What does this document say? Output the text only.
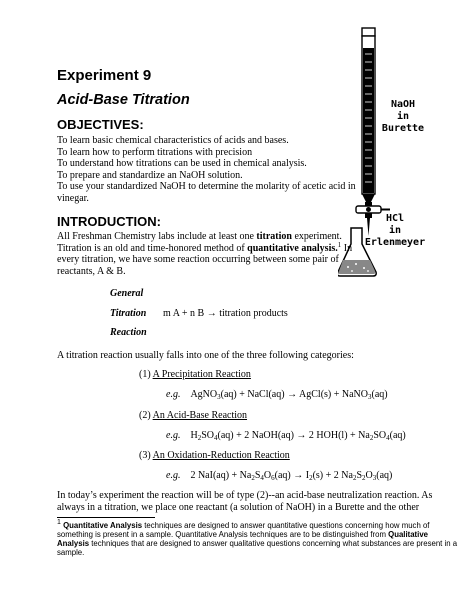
Experiment 9
Acid-Base Titration
OBJECTIVES:
To learn basic chemical characteristics of acids and bases.
To learn how to perform titrations with precision
To understand how titrations can be used in chemical analysis.
To prepare and standardize an NaOH solution.
To use your standardized NaOH to determine the molarity of acetic acid in
vinegar.
NaOH
in
Burette
HCl
in
Erlenmeyer
INTRODUCTION:
All Freshman Chemistry labs include at least one titration experiment.
Titration is an old and time-honored method of quantitative analysis.$^1$ In
every titration, we have some reaction occurring between some pair of
reactants, A & B.
General
Titration m A + n B → titration products
Reaction
A titration reaction usually falls into one of the three following categories:
(1) A Precipitation Reaction
e.g.    AgNO$_3$(aq) + NaCl(aq) → AgCl(s) + NaNO$_3$(aq)
(2) An Acid-Base Reaction
e.g.    $H_2SO_4(aq) + 2$ NaOH(aq) → 2 $HOH(l) + Na_2SO_4(aq)$
(3) An Oxidation-Reduction Reaction
e.g.    2 $NaI(aq) + Na_2S_4O_6(aq) \to I_2(s) + 2$ $Na_2S_2O_3(aq)$
In today’s experiment the reaction will be of type (2)--an acid-base neutralization reaction. As
always in a titration, we place one reactant (a solution of NaOH) in a Burette and the other
$^1$ Quantitative Analysis techniques are designed to answer quantitative questions concerning how much of
something is present in a sample. Quantitative Analysis techniques are to be distinguished from Qualitative
Analysis techniques that are designed to answer qualitative questions concerning what substances are present in a
sample.
